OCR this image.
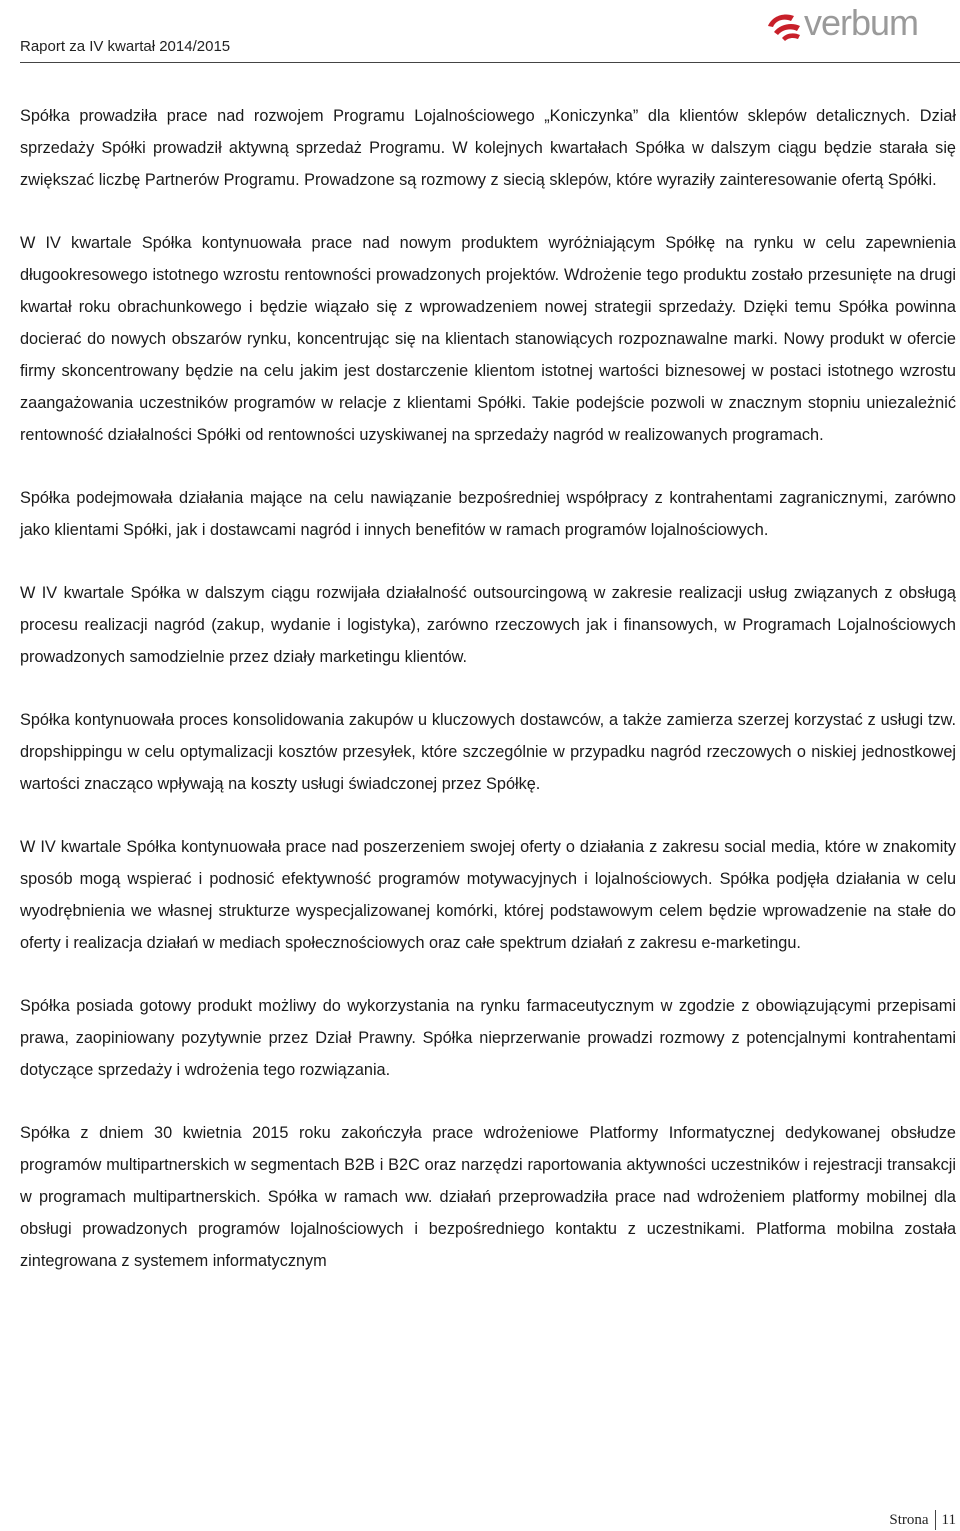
Raport za IV kwartał 2014/2015
verbum

Spółka prowadziła prace nad rozwojem Programu Lojalnościowego „Koniczynka” dla klientów sklepów detalicznych. Dział sprzedaży Spółki prowadził aktywną sprzedaż Programu. W kolejnych kwartałach Spółka w dalszym ciągu będzie starała się zwiększać liczbę Partnerów Programu. Prowadzone są rozmowy z siecią sklepów, które wyraziły zainteresowanie ofertą Spółki.

W IV kwartale Spółka kontynuowała prace nad nowym produktem wyróżniającym Spółkę na rynku w celu zapewnienia długookresowego istotnego wzrostu rentowności prowadzonych projektów. Wdrożenie tego produktu zostało przesunięte na drugi kwartał roku obrachunkowego i będzie wiązało się z wprowadzeniem nowej strategii sprzedaży. Dzięki temu Spółka powinna docierać do nowych obszarów rynku, koncentrując się na klientach stanowiących rozpoznawalne marki. Nowy produkt w ofercie firmy skoncentrowany będzie na celu jakim jest dostarczenie klientom istotnej wartości biznesowej w postaci istotnego wzrostu zaangażowania uczestników programów w relacje z klientami Spółki. Takie podejście pozwoli w znacznym stopniu uniezależnić rentowność działalności Spółki od rentowności uzyskiwanej na sprzedaży nagród w realizowanych programach.

Spółka podejmowała działania mające na celu nawiązanie bezpośredniej współpracy z kontrahentami zagranicznymi, zarówno jako klientami Spółki, jak i dostawcami nagród i innych benefitów w ramach programów lojalnościowych.

W IV kwartale Spółka w dalszym ciągu rozwijała działalność outsourcingową w zakresie realizacji usług związanych z obsługą procesu realizacji nagród (zakup, wydanie i logistyka), zarówno rzeczowych jak i finansowych, w Programach Lojalnościowych prowadzonych samodzielnie przez działy marketingu klientów.

Spółka kontynuowała proces konsolidowania zakupów u kluczowych dostawców, a także zamierza szerzej korzystać z usługi tzw. dropshippingu w celu optymalizacji kosztów przesyłek, które szczególnie w przypadku nagród rzeczowych o niskiej jednostkowej wartości znacząco wpływają na koszty usługi świadczonej przez Spółkę.

W IV kwartale Spółka kontynuowała prace nad poszerzeniem swojej oferty o działania z zakresu social media, które w znakomity sposób mogą wspierać i podnosić efektywność programów motywacyjnych i lojalnościowych. Spółka podjęła działania w celu wyodrębnienia we własnej strukturze wyspecjalizowanej komórki, której podstawowym celem będzie wprowadzenie na stałe do oferty i realizacja działań w mediach społecznościowych oraz całe spektrum działań z zakresu e-marketingu.

Spółka posiada gotowy produkt możliwy do wykorzystania na rynku farmaceutycznym w zgodzie z obowiązującymi przepisami prawa, zaopiniowany pozytywnie przez Dział Prawny. Spółka nieprzerwanie prowadzi rozmowy z potencjalnymi kontrahentami dotyczące sprzedaży i wdrożenia tego rozwiązania.

Spółka z dniem 30 kwietnia 2015 roku zakończyła prace wdrożeniowe Platformy Informatycznej dedykowanej obsłudze programów multipartnerskich w segmentach B2B i B2C oraz narzędzi raportowania aktywności uczestników i rejestracji transakcji w programach multipartnerskich. Spółka w ramach ww. działań przeprowadziła prace nad wdrożeniem platformy mobilnej dla obsługi prowadzonych programów lojalnościowych i bezpośredniego kontaktu z uczestnikami. Platforma mobilna została zintegrowana z systemem informatycznym

Strona 11
